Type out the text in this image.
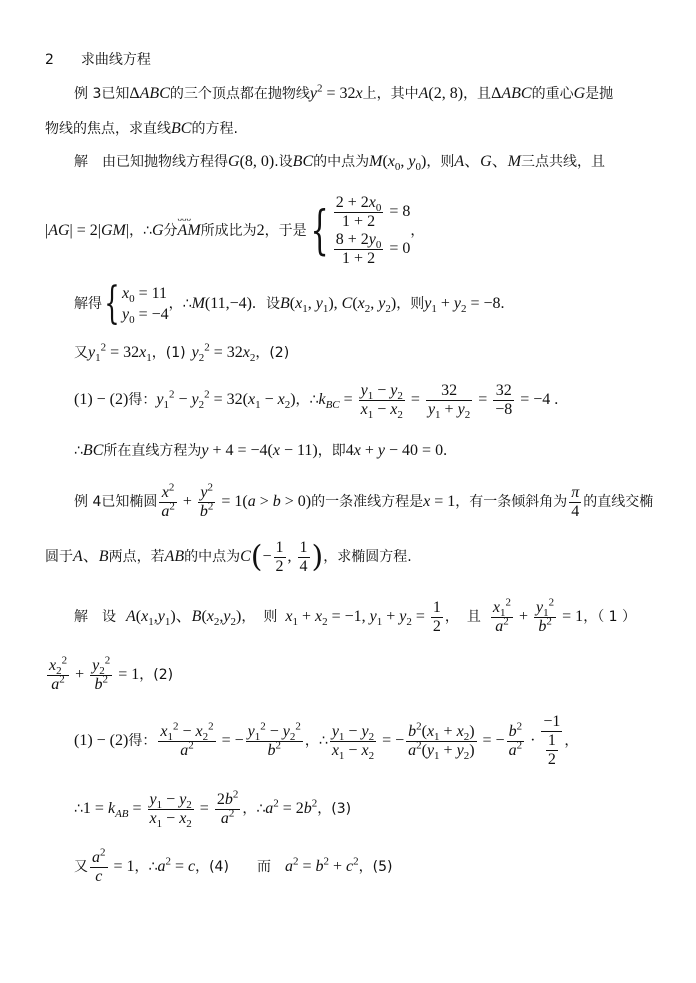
2 求曲线方程
例 3已知ΔABC的三个顶点都在抛物线$y^2 = 32x$上，其中A(2, 8)，且ΔABC的重心G是抛
物线的焦点，求直线BC的方程.
解 由已知抛物线方程得G(8, 0).设BC的中点为$M(x_0$, $y_0$)，则A、G、M三点共线，且
|AG| = 2|GM|，∴G分AM
ᴗᴗᴗ
所成比为2，于是{ $\frac{2 + 2x_0}{1 + 2} = 8$
$\frac{8 + 2y_0}{1 + 2} = 0$
，
解得{ $x_0 = 11$
$y_0 = -4$
，∴M(11,−4). 设$B(x_1$, $y_1$), $C(x_2$, $y_2$)，则$y_1 + y_2 = -8$.
又$y_1^2 = 32x_1$，(1) $y_2^2 = 32x_2$，(2)
(1) − (2)得：$y_1^2 - y_2^2 = 32(x_1 - x_2)$，$\therefore k_{BC} = \frac{y_1 - y_2}{x_1 - x_2} = \frac{32}{y_1 + y_2} = \frac{32}{-8} = -4$ .
∴BC所在直线方程为y + 4 = −4(x − 11)，即4x + y − 40 = 0.
例 4已知椭圆 $\frac{x^2}{a^2} + \frac{y^2}{b^2} = 1(a > b > 0)$的一条准线方程是x = 1，有一条倾斜角为 $\frac{\pi}{4}$ 的直线交椭
圆于A、B两点，若AB的中点为$C(- \frac{1}{2}$ , $\frac{1}{4}$ )，求椭圆方程.
解 设 $A(x_1,y_1)$、$B(x_2,y_2)$， 则 $x_1 + x_2 = -1$, $y_1 + y_2 = \frac{1}{2}$ ， 且 $\frac{x_1^2}{a^2} + \frac{y_1^2}{b^2} = 1$，（ 1 ）
$\frac{x_2^2}{a^2} + \frac{y_2^2}{b^2} = 1$，(2)
(1) − (2)得： $\frac{x_1^2 - x_2^2}{a^2}$ = − $\frac{y_1^2 - y_2^2}{b^2}$ ，∴ $\frac{y_1 - y_2}{x_1 - x_2}$ = − $\frac{b^2(x_1 + x_2)}{a^2(y_1 + y_2)}$ = − $\frac{b^2}{a^2} \cdot \frac{-1}{\frac{1}{2}}$ ，
∴1 = $k_{AB} = \frac{y_1 - y_2}{x_1 - x_2} = \frac{2b^2}{a^2}$ ，$\therefore a^2 = 2b^2$，(3)
又 $\frac{a^2}{c} = 1$，$\therefore a^2 = c$，(4) 而 $a^2 = b^2 + c^2$，(5)
